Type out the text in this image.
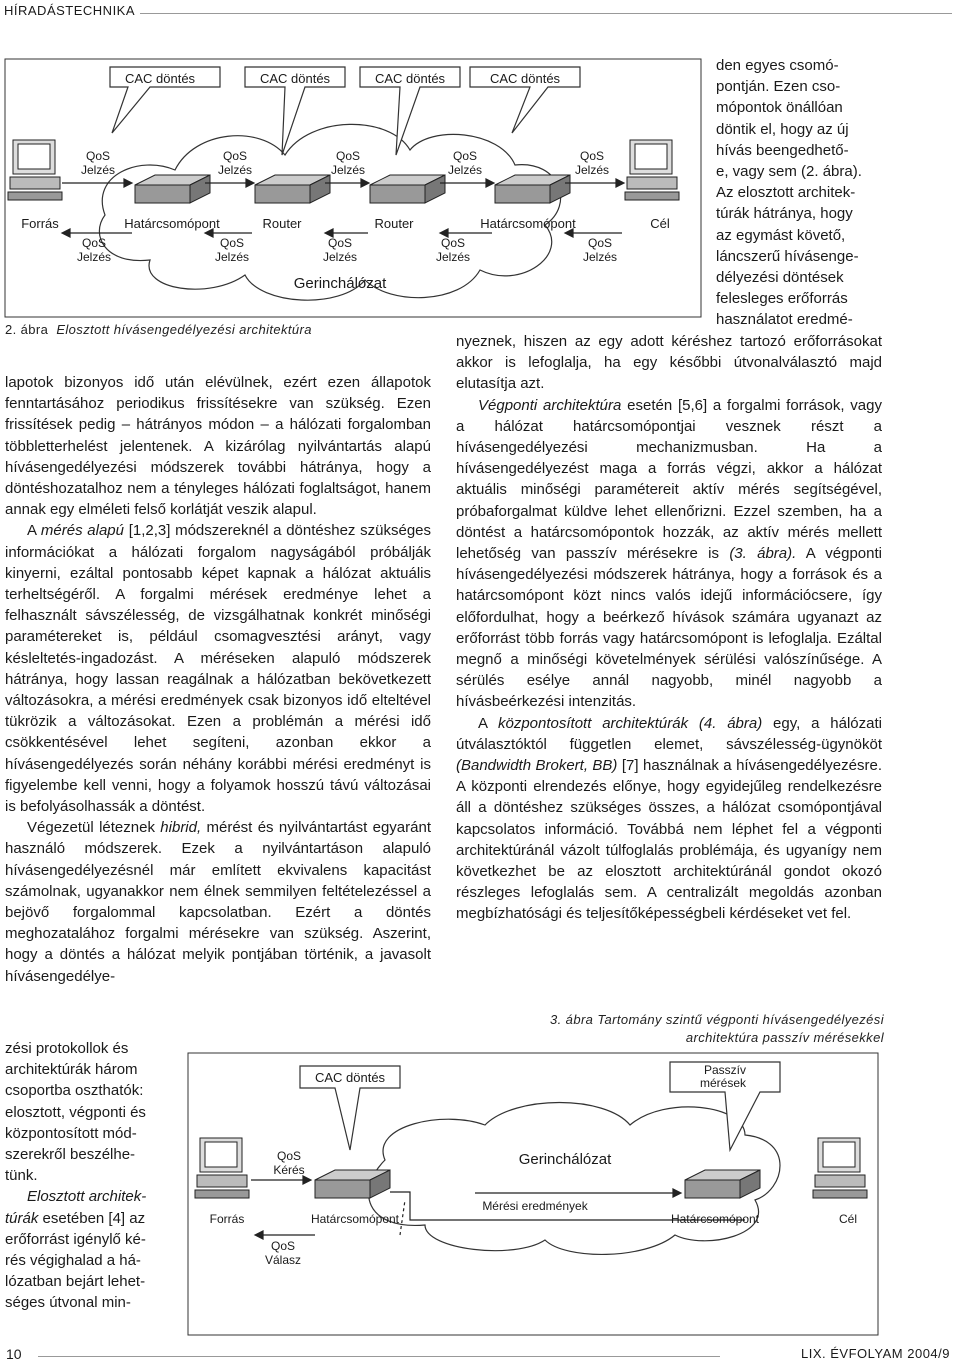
HÍRADÁSTECHNIKA
Gerinchálózat
CAC döntés	CAC döntés	CAC döntés	CAC döntés
QoS
Jelzés
QoS
Jelzés
QoS
Jelzés
QoS
Jelzés
QoS
Jelzés
Forrás	Határcsomópont	Router	Router	Határcsomópont	Cél
QoS
Jelzés
QoS
Jelzés
QoS
Jelzés
QoS
Jelzés
QoS
Jelzés
2. ábra Elosztott hívásengedélyezési architektúra

den egyes csomó-

pontján. Ezen cso-

mópontok önállóan

döntik el, hogy az új

hívás beengedhető-

e, vagy sem (2. ábra).

Az elosztott architek-

túrák hátránya, hogy

az egymást követő,

láncszerű hívásenge-

délyezési döntések

felesleges erőforrás

használatot eredmé-

nyeznek, hiszen az egy adott kéréshez tartozó erőforrásokat akkor is lefoglalja, ha egy későbbi útvonalválasztó majd elutasítja azt.

Végponti architektúra esetén [5,6] a forgalmi források, vagy a hálózat határcsomópontjai vesznek részt a hívásengedélyezési mechanizmusban. Ha a hívásengedélyezést maga a forrás végzi, akkor a hálózat aktuális minőségi paramétereit aktív mérés segítségével, próbaforgalmat küldve lehet ellenőrizni. Ezzel szemben, ha a döntést a határcsomópontok hozzák, az aktív mérés mellett lehetőség van passzív mérésekre is (3. ábra). A végponti hívásengedélyezési módszerek hátránya, hogy a források és a határcsomópont közt nincs valós idejű információcsere, így előfordulhat, hogy a beérkező hívások számára ugyanazt az erőforrást több forrás vagy határcsomópont is lefoglalja. Ezáltal megnő a minőségi követelmények sérülési valószínűsége. A sérülés esélye annál nagyobb, minél nagyobb a hívásbeérkezési intenzitás.

A központosított architektúrák (4. ábra) egy, a hálózati útválasztóktól független elemet, sávszélesség-ügynököt (Bandwidth Brokert, BB) [7] használnak a hívásengedélyezésre. A központi elrendezés előnye, hogy egyidejűleg rendelkezésre áll a döntéshez szükséges összes, a hálózat csomópontjával kapcsolatos információ. Továbbá nem léphet fel a végponti architektúránál vázolt túlfoglalás problémája, és ugyanígy nem következhet be az elosztott architektúránál gondot okozó részleges lefoglalás sem. A centralizált megoldás azonban megbízhatósági és teljesítőképességbeli kérdéseket vet fel.

lapotok bizonyos idő után elévülnek, ezért ezen állapotok fenntartásához periodikus frissítésekre van szükség. Ezen frissítések pedig – hátrányos módon – a hálózati forgalomban többletterhelést jelentenek. A kizárólag nyilvántartás alapú hívásengedélyezési módszerek további hátránya, hogy a döntéshozatalhoz nem a tényleges hálózati foglaltságot, hanem annak egy elméleti felső korlátját veszik alapul.

A mérés alapú [1,2,3] módszereknél a döntéshez szükséges információkat a hálózati forgalom nagyságából próbálják kinyerni, ezáltal pontosabb képet kapnak a hálózat aktuális terheltségéről. A forgalmi mérések eredménye lehet a felhasznált sávszélesség, de vizsgálhatnak konkrét minőségi paramétereket is, például csomagvesztési arányt, vagy késleltetés-ingadozást. A méréseken alapuló módszerek hátránya, hogy lassan reagálnak a hálózatban bekövetkezett változásokra, a mérési eredmények csak bizonyos idő elteltével tükrözik a változásokat. Ezen a problémán a mérési idő csökkentésével lehet segíteni, azonban ekkor a hívásengedélyezés során néhány korábbi mérési eredményt is figyelembe kell venni, hogy a folyamok hosszú távú változásai is befolyásolhassák a döntést.

Végezetül léteznek hibrid, mérést és nyilvántartást egyaránt használó módszerek. Ezek a nyilvántartáson alapuló hívásengedélyezésnél már említett ekvivalens kapacitást számolnak, ugyanakkor nem élnek semmilyen feltételezéssel a bejövő forgalommal kapcsolatban. Ezért a döntés meghozatalához forgalmi mérésekre van szükség. Aszerint, hogy a döntés a hálózat melyik pontjában történik, a javasolt hívásengedélye-

zési protokollok és

architektúrák három

csoportba oszthatók:

elosztott, végponti és

központosított mód-

szerekről beszélhe-

tünk.

Elosztott architek-

túrák esetében [4] az

erőforrást igénylő ké-

rés végighalad a há-

lózatban bejárt lehet-

séges útvonal min-

3. ábra Tartomány szintű végponti hívásengedélyezési
architektúra passzív mérésekkel
Gerinchálózat
CAC döntés	Passzív
mérések
QoS
Kérés
QoS
Válasz
Mérési eredmények
Forrás	Határcsomópont	Határcsomópont	Cél
10	LIX. ÉVFOLYAM 2004/9
